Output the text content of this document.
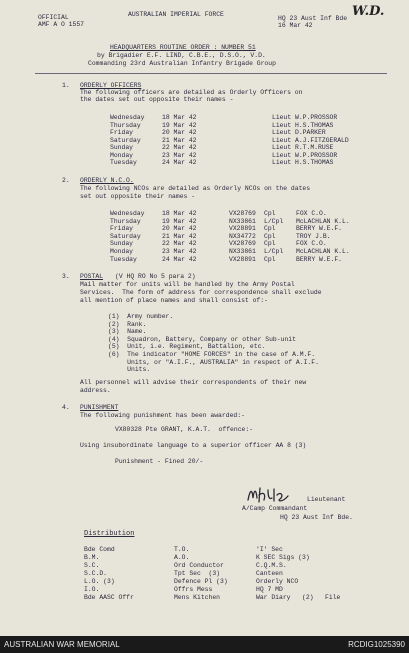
OFFICIAL
AMF A O 1557
AUSTRALIAN IMPERIAL FORCE
HQ 23 Aust Inf Bde
16 Mar 42
W.D.
HEADQUARTERS ROUTINE ORDER : NUMBER 51
by Brigadier E.F. LIND, C.B.E., D.S.O., V.D.
Commanding 23rd Australian Infantry Brigade Group
1. ORDERLY OFFICERS
The following officers are detailed as Orderly Officers on
the dates set out opposite their names -
Wednesday	18 Mar 42	Lieut W.P.PROSSOR
Thursday	19 Mar 42	Lieut H.S.THOMAS
Friday	20 Mar 42	Lieut D.PARKER
Saturday	21 Mar 42	Lieut A.J.FITZGERALD
Sunday	22 Mar 42	Lieut R.T.M.RUSE
Monday	23 Mar 42	Lieut W.P.PROSSOR
Tuesday	24 Mar 42	Lieut H.S.THOMAS
2. ORDERLY N.C.O.
The following NCOs are detailed as Orderly NCOs on the dates
set out opposite their names -
Wednesday	18 Mar 42	VX28769 Cpl	FOX C.O.
Thursday	19 Mar 42	NX33861 L/Cpl McLACHLAN K.L.
Friday	20 Mar 42	VX28891 Cpl	BERRY W.E.F.
Saturday	21 Mar 42	NX34772 Cpl	TROY J.B.
Sunday	22 Mar 42	VX28769 Cpl	FOX C.O.
Monday	23 Mar 42	NX33861 L/Cpl McLACHLAN K.L.
Tuesday	24 Mar 42	VX28891 Cpl	BERRY W.E.F.
3. POSTAL (V HQ RO No 5 para 2)
Mail matter for units will be handled by the Army Postal
Services.  The form of address for correspondence shall exclude
all mention of place names and shall consist of:-
(1)  Army number.
(2)  Rank.
(3)  Name.
(4)  Squadron, Battery, Company or other Sub-unit
(5)  Unit, i.e. Regiment, Battalion, etc.
(6)  The indicator "HOME FORCES" in the case of A.M.F.
Units, or "A.I.F., AUSTRALIA" in respect of A.I.F.
Units.
All personnel will advise their correspondents of their new
address.
4. PUNISHMENT
The following punishment has been awarded:-
VX80328 Pte GRANT, K.A.T.  offence:-
Using insubordinate language to a superior officer AA 8 (3)
Punishment - Fined 20/-
Lieutenant
A/Camp Commandant
HQ 23 Aust Inf Bde.
Distribution
Bde Comd
B.M.
S.C.
S.C.D.
L.O. (3)
I.O.
Bde AASC Offr
T.O.
A.O.
Ord Conductor
Tpt Sec  (3)
Defence Pl (3)
Offrs Mess
Mens Kitchen
'I' Sec
K SEC Sigs (3)
C.Q.M.S.
Canteen
Orderly NCO
HQ 7 MD
War Diary   (2)   File
AUSTRALIAN WAR MEMORIAL	RCDIG1025390
